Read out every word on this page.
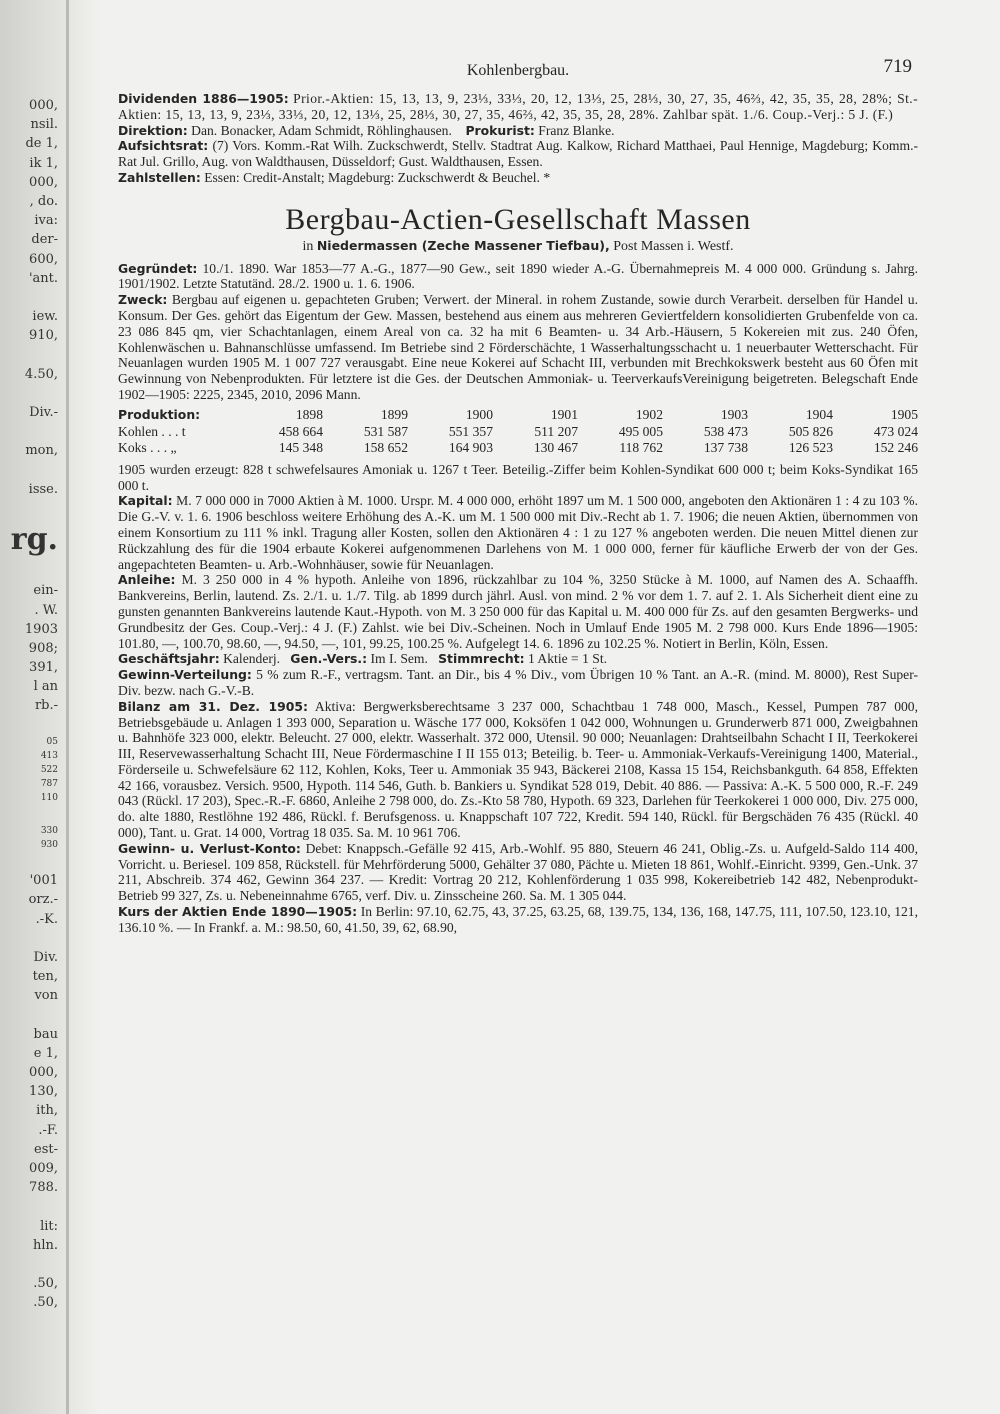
000,
nsil.
de 1,
ik 1,
000,
, do.
iva:
der-
600,
'ant.

iew.
910,

4.50,

Div.-

mon,

isse.

rg.

ein-
. W.
1903
908;
391,
l an
rb.-

05
413
522
787
110

330
930

'001
orz.-
.-K.

Div.
ten,
von

bau
e 1,
000,
130,
ith,
.-F.
est-
009,
788.

lit:
hln.

.50,
.50,
Kohlenbergbau.	719

Dividenden 1886—1905: Prior.-Aktien: 15, 13, 13, 9, 23⅓, 33⅓, 20, 12, 13⅓, 25, 28⅓, 30, 27, 35, 46⅔, 42, 35, 35, 28, 28%; St.-Aktien: 15, 13, 13, 9, 23⅓, 33⅓, 20, 12, 13⅓, 25, 28⅓, 30, 27, 35, 46⅔, 42, 35, 35, 28, 28%. Zahlbar spät. 1./6. Coup.-Verj.: 5 J. (F.)

Direktion: Dan. Bonacker, Adam Schmidt, Röhlinghausen. Prokurist: Franz Blanke.

Aufsichtsrat: (7) Vors. Komm.-Rat Wilh. Zuckschwerdt, Stellv. Stadtrat Aug. Kalkow, Richard Matthaei, Paul Hennige, Magdeburg; Komm.-Rat Jul. Grillo, Aug. von Waldthausen, Düsseldorf; Gust. Waldthausen, Essen.

Zahlstellen: Essen: Credit-Anstalt; Magdeburg: Zuckschwerdt & Beuchel. *

Bergbau-Actien-Gesellschaft Massen
in Niedermassen (Zeche Massener Tiefbau), Post Massen i. Westf.

Gegründet: 10./1. 1890. War 1853—77 A.-G., 1877—90 Gew., seit 1890 wieder A.-G. Übernahmepreis M. 4 000 000. Gründung s. Jahrg. 1901/1902. Letzte Statutänd. 28./2. 1900 u. 1. 6. 1906.

Zweck: Bergbau auf eigenen u. gepachteten Gruben; Verwert. der Mineral. in rohem Zustande, sowie durch Verarbeit. derselben für Handel u. Konsum. Der Ges. gehört das Eigentum der Gew. Massen, bestehend aus einem aus mehreren Geviertfeldern konsolidierten Grubenfelde von ca. 23 086 845 qm, vier Schachtanlagen, einem Areal von ca. 32 ha mit 6 Beamten- u. 34 Arb.-Häusern, 5 Kokereien mit zus. 240 Öfen, Kohlenwäschen u. Bahnanschlüsse umfassend. Im Betriebe sind 2 Förderschächte, 1 Wasserhaltungsschacht u. 1 neuerbauter Wetterschacht. Für Neuanlagen wurden 1905 M. 1 007 727 verausgabt. Eine neue Kokerei auf Schacht III, verbunden mit Brechkokswerk besteht aus 60 Öfen mit Gewinnung von Nebenprodukten. Für letztere ist die Ges. der Deutschen Ammoniak- u. TeerverkaufsVereinigung beigetreten. Belegschaft Ende 1902—1905: 2225, 2345, 2010, 2096 Mann.

Produktion:	1898	1899	1900	1901	1902	1903	1904	1905
Kohlen . . . t	458 664	531 587	551 357	511 207	495 005	538 473	505 826	473 024
Koks . . . „	145 348	158 652	164 903	130 467	118 762	137 738	126 523	152 246

1905 wurden erzeugt: 828 t schwefelsaures Amoniak u. 1267 t Teer. Beteilig.-Ziffer beim Kohlen-Syndikat 600 000 t; beim Koks-Syndikat 165 000 t.

Kapital: M. 7 000 000 in 7000 Aktien à M. 1000. Urspr. M. 4 000 000, erhöht 1897 um M. 1 500 000, angeboten den Aktionären 1 : 4 zu 103 %. Die G.-V. v. 1. 6. 1906 beschloss weitere Erhöhung des A.-K. um M. 1 500 000 mit Div.-Recht ab 1. 7. 1906; die neuen Aktien, übernommen von einem Konsortium zu 111 % inkl. Tragung aller Kosten, sollen den Aktionären 4 : 1 zu 127 % angeboten werden. Die neuen Mittel dienen zur Rückzahlung des für die 1904 erbaute Kokerei aufgenommenen Darlehens von M. 1 000 000, ferner für käufliche Erwerb der von der Ges. angepachteten Beamten- u. Arb.-Wohnhäuser, sowie für Neuanlagen.

Anleihe: M. 3 250 000 in 4 % hypoth. Anleihe von 1896, rückzahlbar zu 104 %, 3250 Stücke à M. 1000, auf Namen des A. Schaaffh. Bankvereins, Berlin, lautend. Zs. 2./1. u. 1./7. Tilg. ab 1899 durch jährl. Ausl. von mind. 2 % vor dem 1. 7. auf 2. 1. Als Sicherheit dient eine zu gunsten genannten Bankvereins lautende Kaut.-Hypoth. von M. 3 250 000 für das Kapital u. M. 400 000 für Zs. auf den gesamten Bergwerks- und Grundbesitz der Ges. Coup.-Verj.: 4 J. (F.) Zahlst. wie bei Div.-Scheinen. Noch in Umlauf Ende 1905 M. 2 798 000. Kurs Ende 1896—1905: 101.80, —, 100.70, 98.60, —, 94.50, —, 101, 99.25, 100.25 %. Aufgelegt 14. 6. 1896 zu 102.25 %. Notiert in Berlin, Köln, Essen.

Geschäftsjahr: Kalenderj. Gen.-Vers.: Im I. Sem. Stimmrecht: 1 Aktie = 1 St.

Gewinn-Verteilung: 5 % zum R.-F., vertragsm. Tant. an Dir., bis 4 % Div., vom Übrigen 10 % Tant. an A.-R. (mind. M. 8000), Rest Super-Div. bezw. nach G.-V.-B.

Bilanz am 31. Dez. 1905: Aktiva: Bergwerksberechtsame 3 237 000, Schachtbau 1 748 000, Masch., Kessel, Pumpen 787 000, Betriebsgebäude u. Anlagen 1 393 000, Separation u. Wäsche 177 000, Koksöfen 1 042 000, Wohnungen u. Grunderwerb 871 000, Zweigbahnen u. Bahnhöfe 323 000, elektr. Beleucht. 27 000, elektr. Wasserhalt. 372 000, Utensil. 90 000; Neuanlagen: Drahtseilbahn Schacht I II, Teerkokerei III, Reservewasserhaltung Schacht III, Neue Fördermaschine I II 155 013; Beteilig. b. Teer- u. Ammoniak-Verkaufs-Vereinigung 1400, Material., Förderseile u. Schwefelsäure 62 112, Kohlen, Koks, Teer u. Ammoniak 35 943, Bäckerei 2108, Kassa 15 154, Reichsbankguth. 64 858, Effekten 42 166, vorausbez. Versich. 9500, Hypoth. 114 546, Guth. b. Bankiers u. Syndikat 528 019, Debit. 40 886. — Passiva: A.-K. 5 500 000, R.-F. 249 043 (Rückl. 17 203), Spec.-R.-F. 6860, Anleihe 2 798 000, do. Zs.-Kto 58 780, Hypoth. 69 323, Darlehen für Teerkokerei 1 000 000, Div. 275 000, do. alte 1880, Restlöhne 192 486, Rückl. f. Berufsgenoss. u. Knappschaft 107 722, Kredit. 594 140, Rückl. für Bergschäden 76 435 (Rückl. 40 000), Tant. u. Grat. 14 000, Vortrag 18 035. Sa. M. 10 961 706.

Gewinn- u. Verlust-Konto: Debet: Knappsch.-Gefälle 92 415, Arb.-Wohlf. 95 880, Steuern 46 241, Oblig.-Zs. u. Aufgeld-Saldo 114 400, Vorricht. u. Beriesel. 109 858, Rückstell. für Mehrförderung 5000, Gehälter 37 080, Pächte u. Mieten 18 861, Wohlf.-Einricht. 9399, Gen.-Unk. 37 211, Abschreib. 374 462, Gewinn 364 237. — Kredit: Vortrag 20 212, Kohlenförderung 1 035 998, Kokereibetrieb 142 482, Nebenprodukt-Betrieb 99 327, Zs. u. Nebeneinnahme 6765, verf. Div. u. Zinsscheine 260. Sa. M. 1 305 044.

Kurs der Aktien Ende 1890—1905: In Berlin: 97.10, 62.75, 43, 37.25, 63.25, 68, 139.75, 134, 136, 168, 147.75, 111, 107.50, 123.10, 121, 136.10 %. — In Frankf. a. M.: 98.50, 60, 41.50, 39, 62, 68.90,
